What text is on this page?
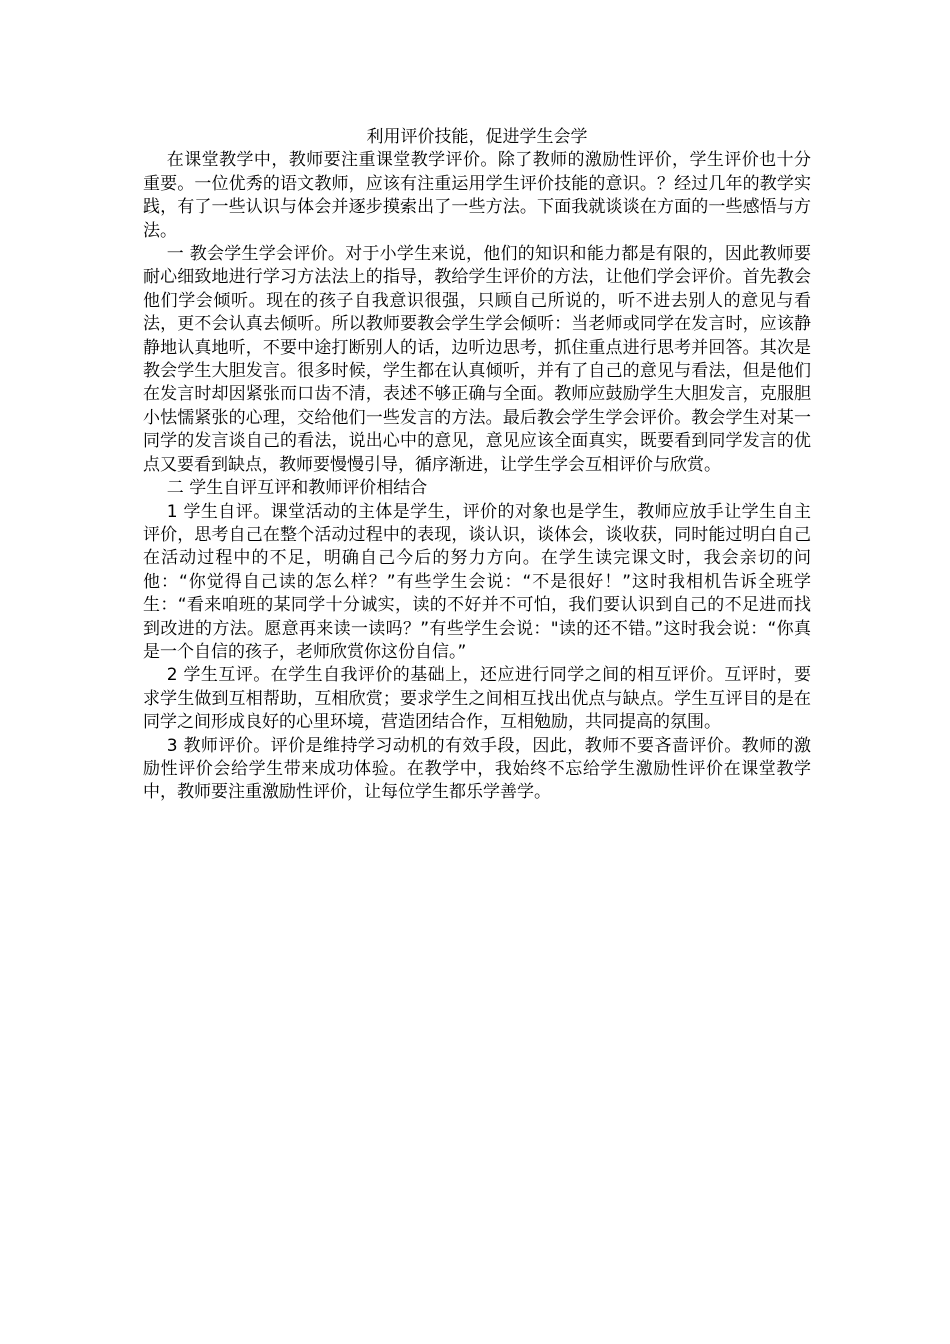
利用评价技能，促进学生会学

在课堂教学中，教师要注重课堂教学评价。除了教师的激励性评价，学生评价也十分重要。一位优秀的语文教师，应该有注重运用学生评价技能的意识。？经过几年的教学实践，有了一些认识与体会并逐步摸索出了一些方法。下面我就谈谈在方面的一些感悟与方法。

一 教会学生学会评价。对于小学生来说，他们的知识和能力都是有限的，因此教师要耐心细致地进行学习方法法上的指导，教给学生评价的方法，让他们学会评价。首先教会他们学会倾听。现在的孩子自我意识很强，只顾自己所说的，听不进去别人的意见与看法，更不会认真去倾听。所以教师要教会学生学会倾听：当老师或同学在发言时，应该静静地认真地听，不要中途打断别人的话，边听边思考，抓住重点进行思考并回答。其次是教会学生大胆发言。很多时候，学生都在认真倾听，并有了自己的意见与看法，但是他们在发言时却因紧张而口齿不清，表述不够正确与全面。教师应鼓励学生大胆发言，克服胆小怯懦紧张的心理，交给他们一些发言的方法。最后教会学生学会评价。教会学生对某一同学的发言谈自己的看法，说出心中的意见，意见应该全面真实，既要看到同学发言的优点又要看到缺点，教师要慢慢引导，循序渐进，让学生学会互相评价与欣赏。

二 学生自评互评和教师评价相结合

1 学生自评。课堂活动的主体是学生，评价的对象也是学生，教师应放手让学生自主评价，思考自己在整个活动过程中的表现，谈认识，谈体会，谈收获，同时能过明白自己在活动过程中的不足，明确自己今后的努力方向。在学生读完课文时，我会亲切的问他：“你觉得自己读的怎么样？”有些学生会说：“不是很好！”这时我相机告诉全班学生：“看来咱班的某同学十分诚实，读的不好并不可怕，我们要认识到自己的不足进而找到改进的方法。愿意再来读一读吗？”有些学生会说："读的还不错。”这时我会说：“你真是一个自信的孩子，老师欣赏你这份自信。”

2 学生互评。在学生自我评价的基础上，还应进行同学之间的相互评价。互评时，要求学生做到互相帮助，互相欣赏；要求学生之间相互找出优点与缺点。学生互评目的是在同学之间形成良好的心里环境，营造团结合作，互相勉励，共同提高的氛围。

3 教师评价。评价是维持学习动机的有效手段，因此，教师不要吝啬评价。教师的激励性评价会给学生带来成功体验。在教学中，我始终不忘给学生激励性评价在课堂教学中，教师要注重激励性评价，让每位学生都乐学善学。
